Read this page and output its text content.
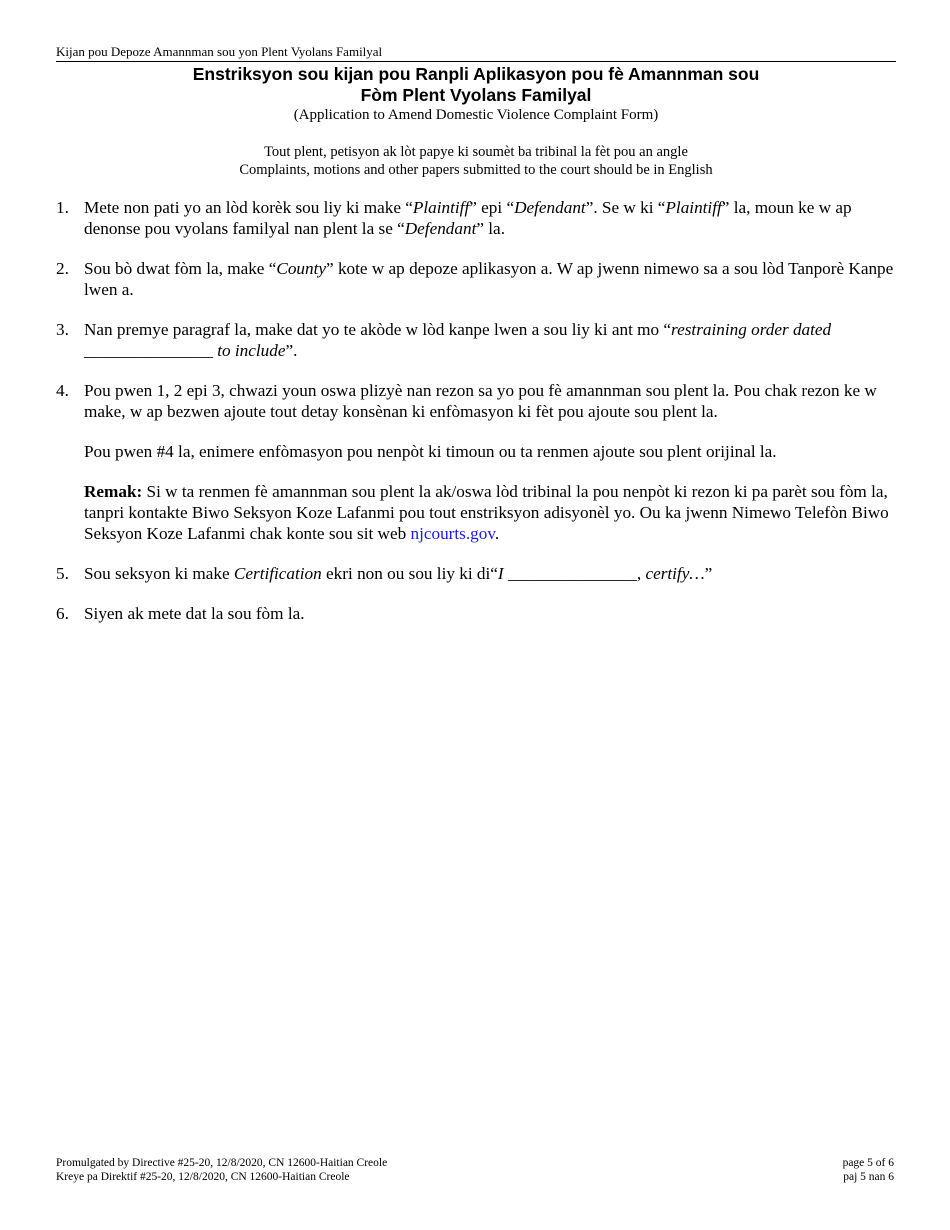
Kijan pou Depoze Amannman sou yon Plent Vyolans Familyal
Enstriksyon sou kijan pou Ranpli Aplikasyon pou fè Amannman sou
Fòm Plent Vyolans Familyal
(Application to Amend Domestic Violence Complaint Form)
Tout plent, petisyon ak lòt papye ki soumèt ba tribinal la fèt pou an angle
Complaints, motions and other papers submitted to the court should be in English
1. Mete non pati yo an lòd korèk sou liy ki make “Plaintiff” epi “Defendant”. Se w ki “Plaintiff” la, moun ke w ap denonse pou vyolans familyal nan plent la se “Defendant” la.
2. Sou bò dwat fòm la, make “County” kote w ap depoze aplikasyon a. W ap jwenn nimewo sa a sou lòd Tanporè Kanpe lwen a.
3. Nan premye paragraf la, make dat yo te akòde w lòd kanpe lwen a sou liy ki ant mo “restraining order dated _______________ to include”.
4. Pou pwen 1, 2 epi 3, chwazi youn oswa plizyè nan rezon sa yo pou fè amannman sou plent la. Pou chak rezon ke w make, w ap bezwen ajoute tout detay konsènan ki enfòmasyon ki fèt pou ajoute sou plent la.
Pou pwen #4 la, enimere enfòmasyon pou nenpòt ki timoun ou ta renmen ajoute sou plent orijinal la.
Remak: Si w ta renmen fè amannman sou plent la ak/oswa lòd tribinal la pou nenpòt ki rezon ki pa parèt sou fòm la, tanpri kontakte Biwo Seksyon Koze Lafanmi pou tout enstriksyon adisyonèl yo. Ou ka jwenn Nimewo Telefòn Biwo Seksyon Koze Lafanmi chak konte sou sit web njcourts.gov.
5. Sou seksyon ki make Certification ekri non ou sou liy ki di“I _______________, certify…”
6. Siyen ak mete dat la sou fòm la.
Promulgated by Directive #25-20, 12/8/2020, CN 12600-Haitian Creole
Kreye pa Direktif #25-20, 12/8/2020, CN 12600-Haitian Creole
page 5 of 6
paj 5 nan 6
